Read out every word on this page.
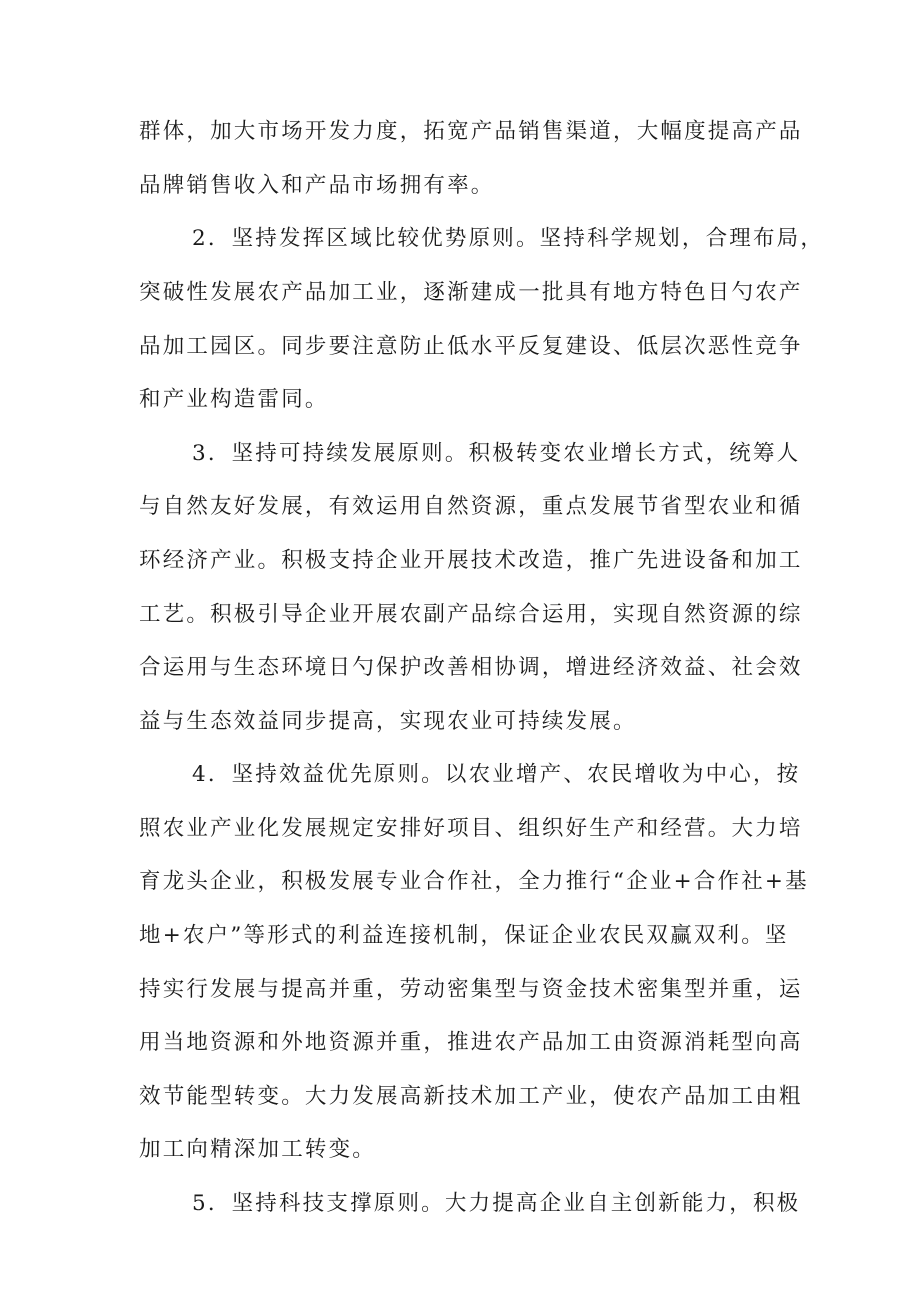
群体，加大市场开发力度，拓宽产品销售渠道，大幅度提高产品
品牌销售收入和产品市场拥有率。
2．坚持发挥区域比较优势原则。坚持科学规划，合理布局，
突破性发展农产品加工业，逐渐建成一批具有地方特色日勺农产
品加工园区。同步要注意防止低水平反复建设、低层次恶性竞争
和产业构造雷同。
3．坚持可持续发展原则。积极转变农业增长方式，统筹人
与自然友好发展，有效运用自然资源，重点发展节省型农业和循
环经济产业。积极支持企业开展技术改造，推广先进设备和加工
工艺。积极引导企业开展农副产品综合运用，实现自然资源的综
合运用与生态环境日勺保护改善相协调，增进经济效益、社会效
益与生态效益同步提高，实现农业可持续发展。
4．坚持效益优先原则。以农业增产、农民增收为中心，按
照农业产业化发展规定安排好项目、组织好生产和经营。大力培
育龙头企业，积极发展专业合作社，全力推行“企业+合作社+基
地+农户”等形式的利益连接机制，保证企业农民双赢双利。坚
持实行发展与提高并重，劳动密集型与资金技术密集型并重，运
用当地资源和外地资源并重，推进农产品加工由资源消耗型向高
效节能型转变。大力发展高新技术加工产业，使农产品加工由粗
加工向精深加工转变。
5．坚持科技支撑原则。大力提高企业自主创新能力，积极
